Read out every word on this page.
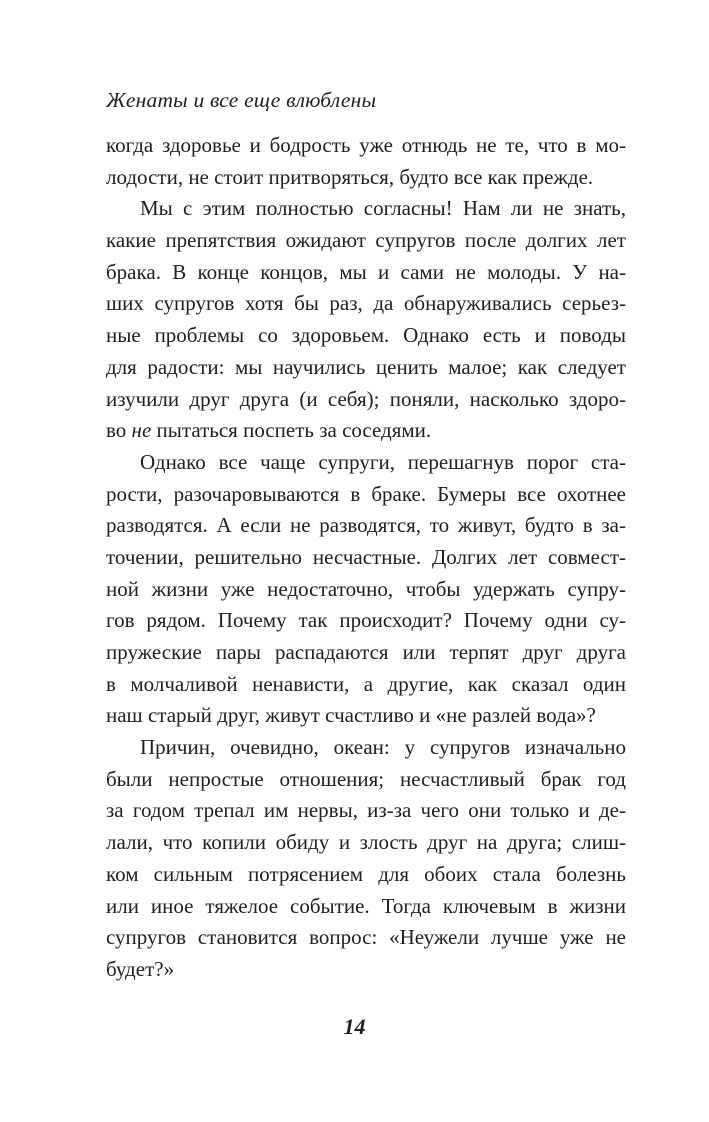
Женаты и все еще влюблены
когда здоровье и бодрость уже отнюдь не те, что в мо-
лодости, не стоит притворяться, будто все как прежде.
Мы с этим полностью согласны! Нам ли не знать,
какие препятствия ожидают супругов после долгих лет
брака. В конце концов, мы и сами не молоды. У на-
ших супругов хотя бы раз, да обнаруживались серьез-
ные проблемы со здоровьем. Однако есть и поводы
для радости: мы научились ценить малое; как следует
изучили друг друга (и себя); поняли, насколько здоро-
во не пытаться поспеть за соседями.
Однако все чаще супруги, перешагнув порог ста-
рости, разочаровываются в браке. Бумеры все охотнее
разводятся. А если не разводятся, то живут, будто в за-
точении, решительно несчастные. Долгих лет совмест-
ной жизни уже недостаточно, чтобы удержать супру-
гов рядом. Почему так происходит? Почему одни су-
пружеские пары распадаются или терпят друг друга
в молчаливой ненависти, а другие, как сказал один
наш старый друг, живут счастливо и «не разлей вода»?
Причин, очевидно, океан: у супругов изначально
были непростые отношения; несчастливый брак год
за годом трепал им нервы, из-за чего они только и де-
лали, что копили обиду и злость друг на друга; слиш-
ком сильным потрясением для обоих стала болезнь
или иное тяжелое событие. Тогда ключевым в жизни
супругов становится вопрос: «Неужели лучше уже не
будет?»
14
